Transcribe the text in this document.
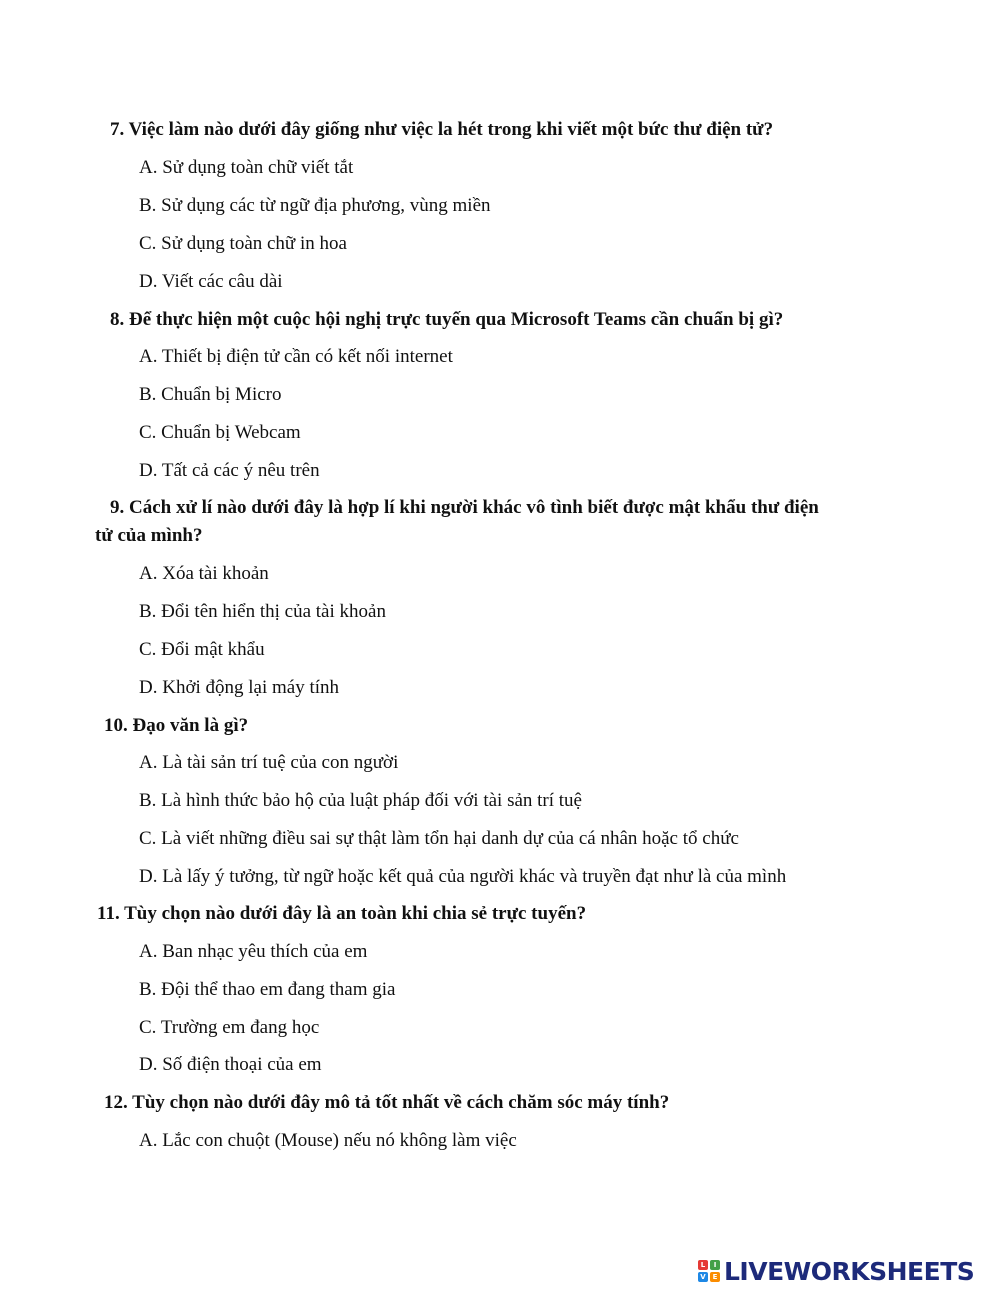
7. Việc làm nào dưới đây giống như việc la hét trong khi viết một bức thư điện tử?
A. Sử dụng toàn chữ viết tắt
B. Sử dụng các từ ngữ địa phương, vùng miền
C. Sử dụng toàn chữ in hoa
D. Viết các câu dài
8. Để thực hiện một cuộc hội nghị trực tuyến qua Microsoft Teams cần chuẩn bị gì?
A. Thiết bị điện tử cần có kết nối internet
B. Chuẩn bị Micro
C. Chuẩn bị Webcam
D. Tất cả các ý nêu trên
9. Cách xử lí nào dưới đây là hợp lí khi người khác vô tình biết được mật khẩu thư điện
tử của mình?
A. Xóa tài khoản
B. Đổi tên hiển thị của tài khoản
C. Đổi mật khẩu
D. Khởi động lại máy tính
10. Đạo văn là gì?
A. Là tài sản trí tuệ của con người
B. Là hình thức bảo hộ của luật pháp đối với tài sản trí tuệ
C. Là viết những điều sai sự thật làm tổn hại danh dự của cá nhân hoặc tổ chức
D. Là lấy ý tưởng, từ ngữ hoặc kết quả của người khác và truyền đạt như là của mình
11. Tùy chọn nào dưới đây là an toàn khi chia sẻ trực tuyến?
A. Ban nhạc yêu thích của em
B. Đội thể thao em đang tham gia
C. Trường em đang học
D. Số điện thoại của em
12. Tùy chọn nào dưới đây mô tả tốt nhất về cách chăm sóc máy tính?
A. Lắc con chuột (Mouse) nếu nó không làm việc
L	I
V E LIVEWORKSHEETS
